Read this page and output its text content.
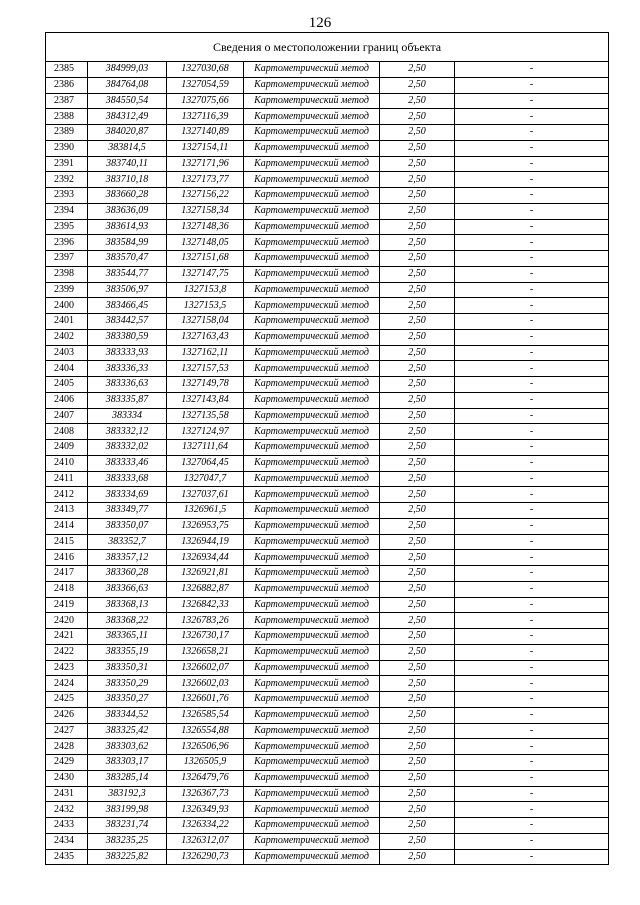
126
Сведения о местоположении границ объекта					
2385	384999,03	1327030,68	Картометрический метод	2,50	-
2386	384764,08	1327054,59	Картометрический метод	2,50	-
2387	384550,54	1327075,66	Картометрический метод	2,50	-
2388	384312,49	1327116,39	Картометрический метод	2,50	-
2389	384020,87	1327140,89	Картометрический метод	2,50	-
2390	383814,5	1327154,11	Картометрический метод	2,50	-
2391	383740,11	1327171,96	Картометрический метод	2,50	-
2392	383710,18	1327173,77	Картометрический метод	2,50	-
2393	383660,28	1327156,22	Картометрический метод	2,50	-
2394	383636,09	1327158,34	Картометрический метод	2,50	-
2395	383614,93	1327148,36	Картометрический метод	2,50	-
2396	383584,99	1327148,05	Картометрический метод	2,50	-
2397	383570,47	1327151,68	Картометрический метод	2,50	-
2398	383544,77	1327147,75	Картометрический метод	2,50	-
2399	383506,97	1327153,8	Картометрический метод	2,50	-
2400	383466,45	1327153,5	Картометрический метод	2,50	-
2401	383442,57	1327158,04	Картометрический метод	2,50	-
2402	383380,59	1327163,43	Картометрический метод	2,50	-
2403	383333,93	1327162,11	Картометрический метод	2,50	-
2404	383336,33	1327157,53	Картометрический метод	2,50	-
2405	383336,63	1327149,78	Картометрический метод	2,50	-
2406	383335,87	1327143,84	Картометрический метод	2,50	-
2407	383334	1327135,58	Картометрический метод	2,50	-
2408	383332,12	1327124,97	Картометрический метод	2,50	-
2409	383332,02	1327111,64	Картометрический метод	2,50	-
2410	383333,46	1327064,45	Картометрический метод	2,50	-
2411	383333,68	1327047,7	Картометрический метод	2,50	-
2412	383334,69	1327037,61	Картометрический метод	2,50	-
2413	383349,77	1326961,5	Картометрический метод	2,50	-
2414	383350,07	1326953,75	Картометрический метод	2,50	-
2415	383352,7	1326944,19	Картометрический метод	2,50	-
2416	383357,12	1326934,44	Картометрический метод	2,50	-
2417	383360,28	1326921,81	Картометрический метод	2,50	-
2418	383366,63	1326882,87	Картометрический метод	2,50	-
2419	383368,13	1326842,33	Картометрический метод	2,50	-
2420	383368,22	1326783,26	Картометрический метод	2,50	-
2421	383365,11	1326730,17	Картометрический метод	2,50	-
2422	383355,19	1326658,21	Картометрический метод	2,50	-
2423	383350,31	1326602,07	Картометрический метод	2,50	-
2424	383350,29	1326602,03	Картометрический метод	2,50	-
2425	383350,27	1326601,76	Картометрический метод	2,50	-
2426	383344,52	1326585,54	Картометрический метод	2,50	-
2427	383325,42	1326554,88	Картометрический метод	2,50	-
2428	383303,62	1326506,96	Картометрический метод	2,50	-
2429	383303,17	1326505,9	Картометрический метод	2,50	-
2430	383285,14	1326479,76	Картометрический метод	2,50	-
2431	383192,3	1326367,73	Картометрический метод	2,50	-
2432	383199,98	1326349,93	Картометрический метод	2,50	-
2433	383231,74	1326334,22	Картометрический метод	2,50	-
2434	383235,25	1326312,07	Картометрический метод	2,50	-
2435	383225,82	1326290,73	Картометрический метод	2,50	-
